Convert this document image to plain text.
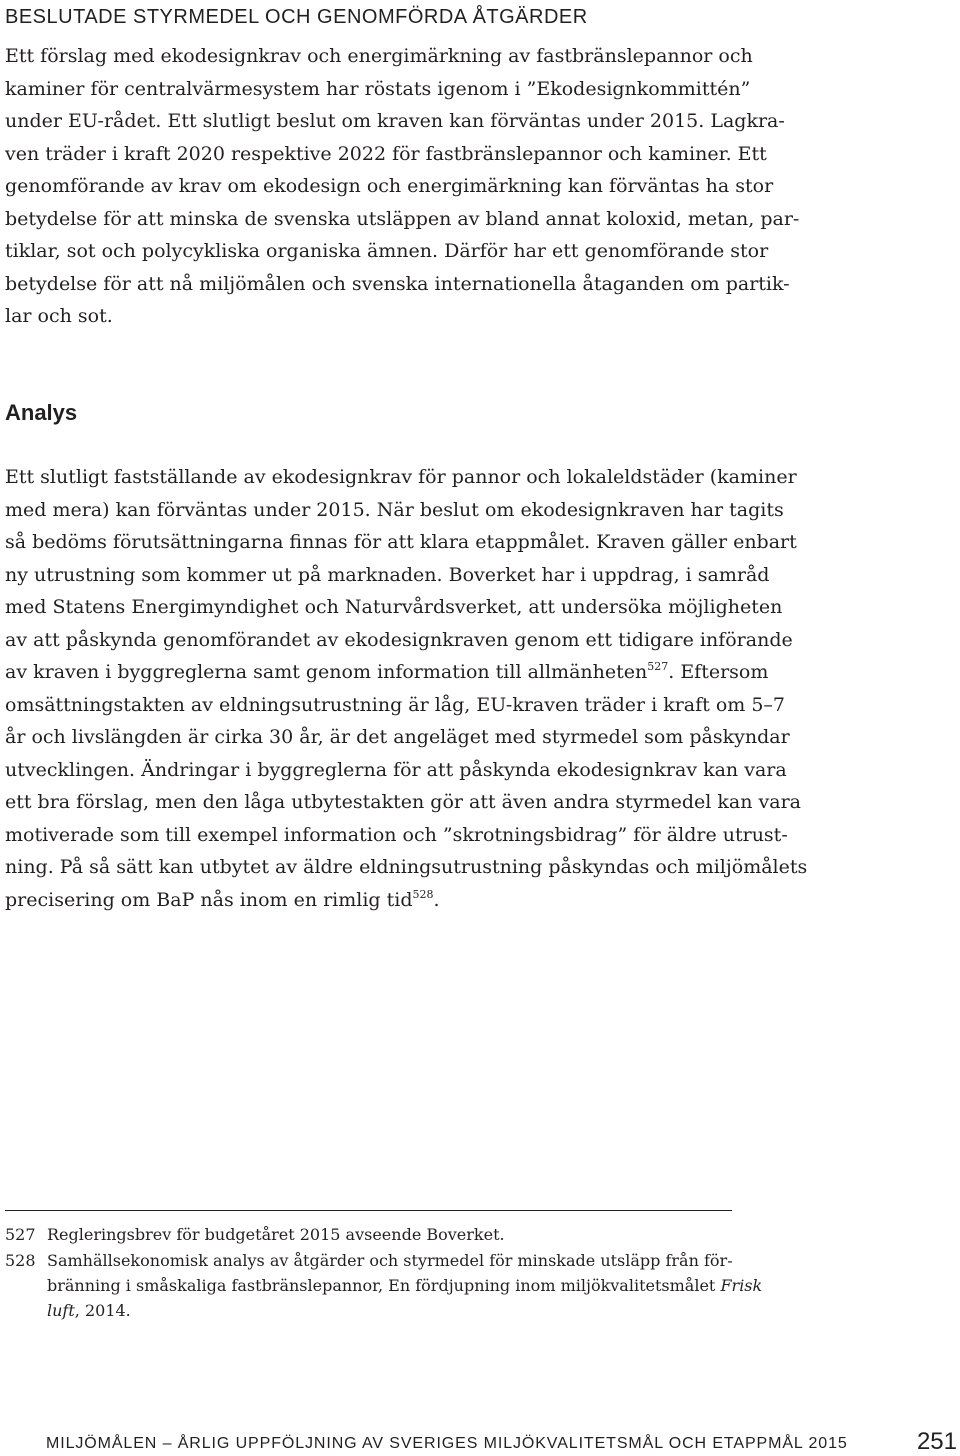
BESLUTADE STYRMEDEL OCH GENOMFÖRDA ÅTGÄRDER
Ett förslag med ekodesignkrav och energimärkning av fastbränslepannor och
kaminer för centralvärmesystem har röstats igenom i ”Ekodesignkommittén”
under EU-rådet. Ett slutligt beslut om kraven kan förväntas under 2015. Lagkra-
ven träder i kraft 2020 respektive 2022 för fastbränslepannor och kaminer. Ett
genomförande av krav om ekodesign och energimärkning kan förväntas ha stor
betydelse för att minska de svenska utsläppen av bland annat koloxid, metan, par-
tiklar, sot och polycykliska organiska ämnen. Därför har ett genomförande stor
betydelse för att nå miljömålen och svenska internationella åtaganden om partik-
lar och sot.
Analys
Ett slutligt fastställande av ekodesignkrav för pannor och lokaleldstäder (kaminer
med mera) kan förväntas under 2015. När beslut om ekodesignkraven har tagits
så bedöms förutsättningarna finnas för att klara etappmålet. Kraven gäller enbart
ny utrustning som kommer ut på marknaden. Boverket har i uppdrag, i samråd
med Statens Energimyndighet och Naturvårdsverket, att undersöka möjligheten
av att påskynda genomförandet av ekodesignkraven genom ett tidigare införande
av kraven i byggreglerna samt genom information till allmänheten$^{527}$. Eftersom
omsättningstakten av eldningsutrustning är låg, EU-kraven träder i kraft om 5–7
år och livslängden är cirka 30 år, är det angeläget med styrmedel som påskyndar
utvecklingen. Ändringar i byggreglerna för att påskynda ekodesignkrav kan vara
ett bra förslag, men den låga utbytestakten gör att även andra styrmedel kan vara
motiverade som till exempel information och ”skrotningsbidrag” för äldre utrust-
ning. På så sätt kan utbytet av äldre eldningsutrustning påskyndas och miljömålets
precisering om BaP nås inom en rimlig tid$^{528}$.
527 Regleringsbrev för budgetåret 2015 avseende Boverket.
528 Samhällsekonomisk analys av åtgärder och styrmedel för minskade utsläpp från för-
bränning i småskaliga fastbränslepannor, En fördjupning inom miljökvalitetsmålet Frisk
luft, 2014.
MILJÖMÅLEN – ÅRLIG UPPFÖLJNING AV SVERIGES MILJÖKVALITETSMÅL OCH ETAPPMÅL 2015	251
